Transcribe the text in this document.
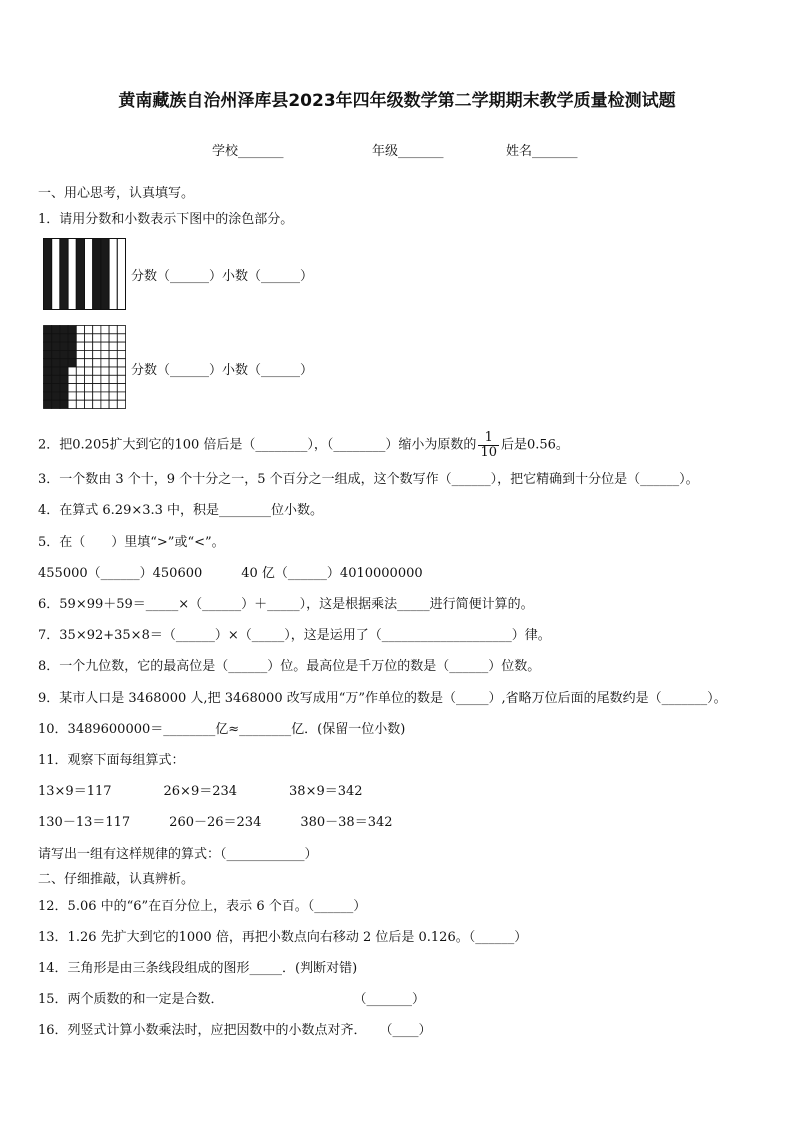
黄南藏族自治州泽库县2023年四年级数学第二学期期末教学质量检测试题
学校_______	年级_______	姓名_______
一、用心思考，认真填写。
1．请用分数和小数表示下图中的涂色部分。
分数（______）小数（______）
分数（______）小数（______）
2．把0.205扩大到它的100 倍后是（________），（________）缩小为原数的 $\frac{1}{10}$ 后是0.56。
3．一个数由 3 个十，9 个十分之一，5 个百分之一组成，这个数写作（______），把它精确到十分位是（______）。
4．在算式 6.29×3.3 中，积是________位小数。
5．在（　　）里填“>”或“<”。
455000（______）450600　　　40 亿（______）4010000000
6．59×99＋59＝_____×（______）＋_____），这是根据乘法_____进行简便计算的。
7．35×92+35×8＝（______）×（_____），这是运用了（____________________）律。
8．一个九位数，它的最高位是（______）位。最高位是千万位的数是（______）位数。
9．某市人口是 3468000 人,把 3468000 改写成用“万”作单位的数是（_____）,省略万位后面的尾数约是（_______）。
10．3489600000＝________亿≈________亿．(保留一位小数)
11．观察下面每组算式：
13×9＝117　　　　26×9＝234　　　　38×9＝342
130－13＝117　　　260－26＝234　　　380－38＝342
请写出一组有这样规律的算式：（____________）
二、仔细推敲，认真辨析。
12．5.06 中的“6”在百分位上，表示 6 个百。（______）
13．1.26 先扩大到它的1000 倍，再把小数点向右移动 2 位后是 0.126。（______）
14．三角形是由三条线段组成的图形_____．(判断对错)
15．两个质数的和一定是合数．　　　　　　　　　　　（_______）
16．列竖式计算小数乘法时，应把因数中的小数点对齐．　　（____）
